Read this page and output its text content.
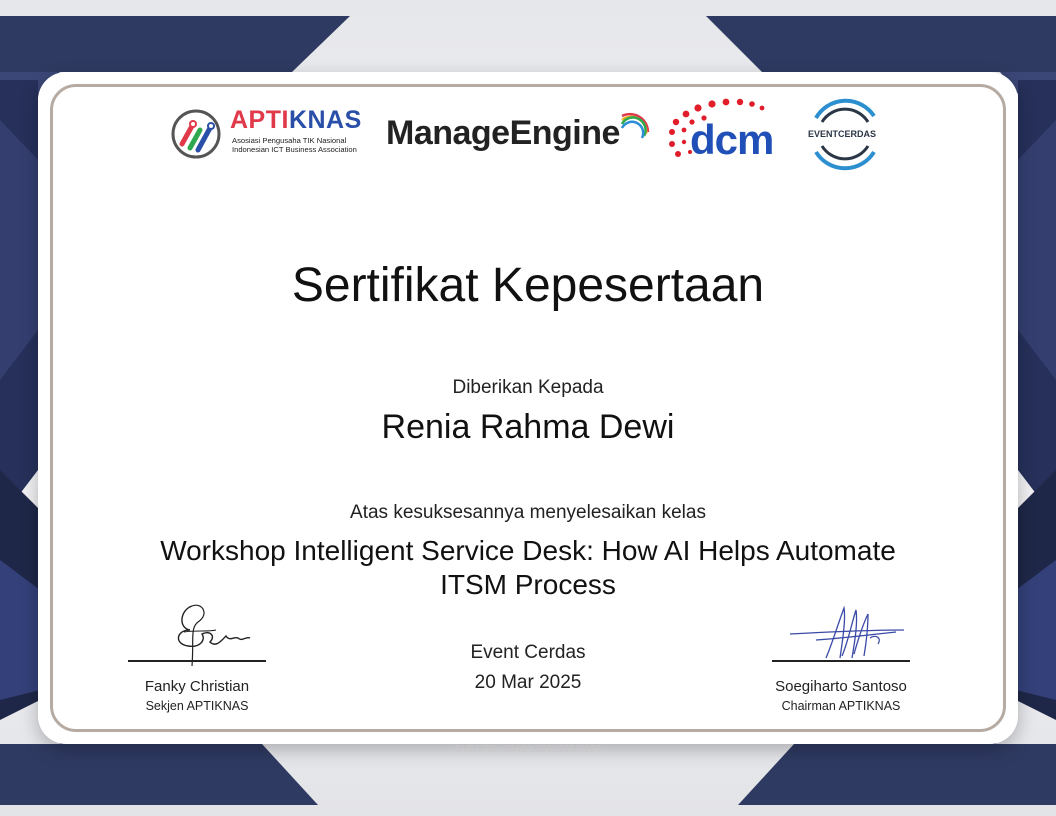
APTIKNAS
Asosiasi Pengusaha TIK Nasional
Indonesian ICT Business Association ManageEngine dcm	EVENTCERDAS
Sertifikat Kepesertaan
Diberikan Kepada
Renia Rahma Dewi
Atas kesuksesannya menyelesaikan kelas
Workshop Intelligent Service Desk: How AI Helps Automate ITSM Process
Event Cerdas
20 Mar 2025
Fanky Christian
Sekjen APTIKNAS
Soegiharto Santoso
Chairman APTIKNAS
EVENT/6c0648/13032025/0006
